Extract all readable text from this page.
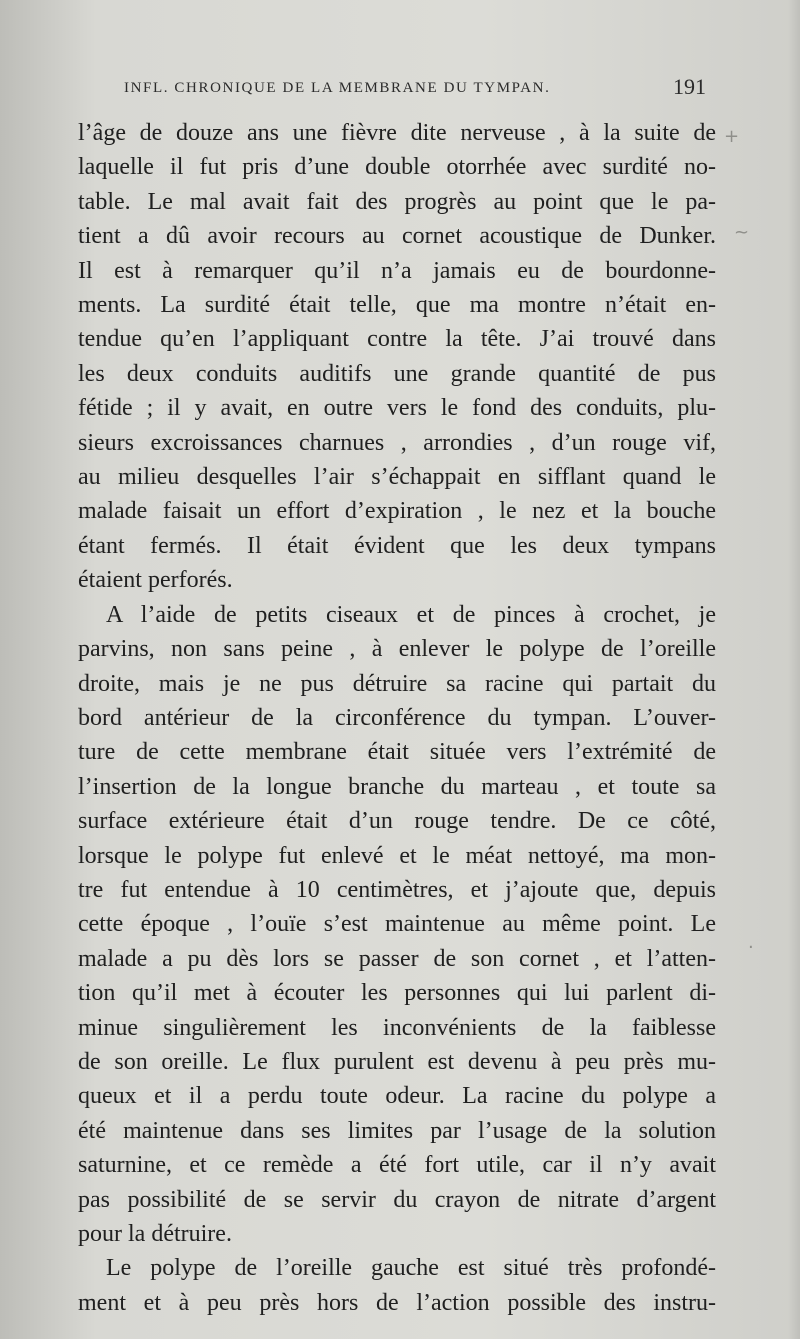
INFL. CHRONIQUE DE LA MEMBRANE DU TYMPAN.	191
l’âge de douze ans une fièvre dite nerveuse , à la suite de
laquelle il fut pris d’une double otorrhée avec surdité no-
table. Le mal avait fait des progrès au point que le pa-
tient a dû avoir recours au cornet acoustique de Dunker.
Il est à remarquer qu’il n’a jamais eu de bourdonne-
ments. La surdité était telle, que ma montre n’était en-
tendue qu’en l’appliquant contre la tête. J’ai trouvé dans
les deux conduits auditifs une grande quantité de pus
fétide ; il y avait, en outre vers le fond des conduits, plu-
sieurs excroissances charnues , arrondies , d’un rouge vif,
au milieu desquelles l’air s’échappait en sifflant quand le
malade faisait un effort d’expiration , le nez et la bouche
étant fermés. Il était évident que les deux tympans
étaient perforés.
A l’aide de petits ciseaux et de pinces à crochet, je
parvins, non sans peine , à enlever le polype de l’oreille
droite, mais je ne pus détruire sa racine qui partait du
bord antérieur de la circonférence du tympan. L’ouver-
ture de cette membrane était située vers l’extrémité de
l’insertion de la longue branche du marteau , et toute sa
surface extérieure était d’un rouge tendre. De ce côté,
lorsque le polype fut enlevé et le méat nettoyé, ma mon-
tre fut entendue à 10 centimètres, et j’ajoute que, depuis
cette époque , l’ouïe s’est maintenue au même point. Le
malade a pu dès lors se passer de son cornet , et l’atten-
tion qu’il met à écouter les personnes qui lui parlent di-
minue singulièrement les inconvénients de la faiblesse
de son oreille. Le flux purulent est devenu à peu près mu-
queux et il a perdu toute odeur. La racine du polype a
été maintenue dans ses limites par l’usage de la solution
saturnine, et ce remède a été fort utile, car il n’y avait
pas possibilité de se servir du crayon de nitrate d’argent
pour la détruire.
Le polype de l’oreille gauche est situé très profondé-
ment et à peu près hors de l’action possible des instru-
+
~
.
